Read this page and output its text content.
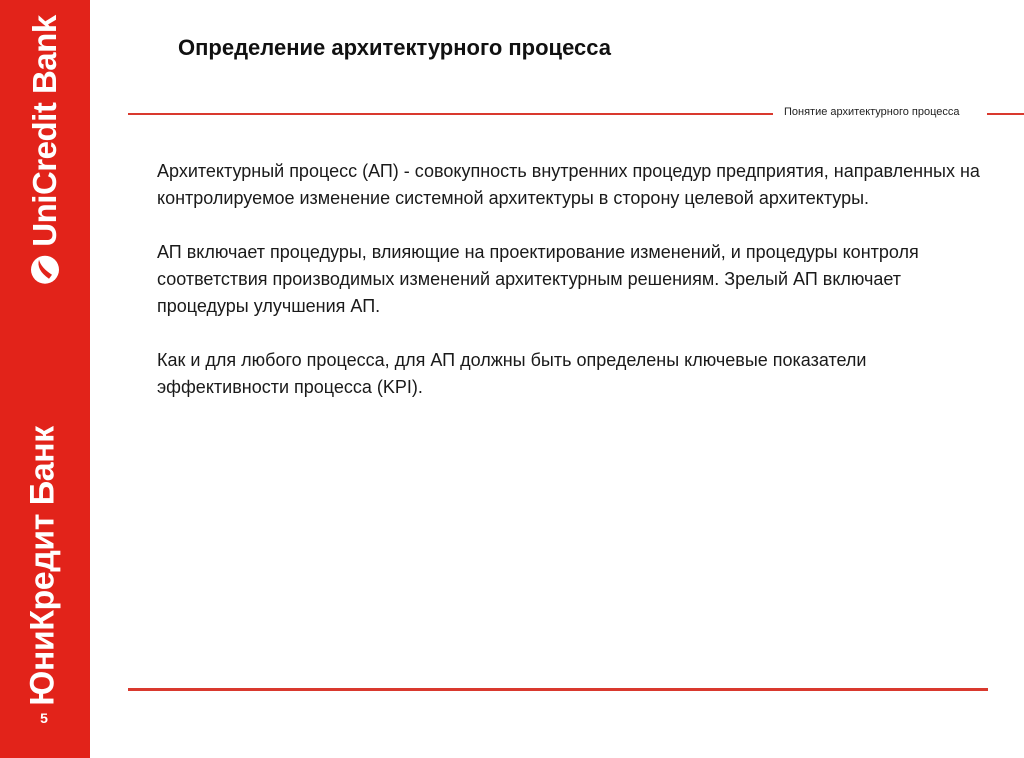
UniCredit Bank
ЮниКредит Банк
5
Определение архитектурного процесса
Понятие архитектурного процесса

Архитектурный процесс (АП) - совокупность внутренних процедур предприятия, направленных на контролируемое изменение системной архитектуры в сторону целевой архитектуры.

АП включает процедуры, влияющие на проектирование изменений, и процедуры контроля соответствия производимых изменений архитектурным решениям. Зрелый АП включает процедуры улучшения АП.

Как и для любого процесса, для АП должны быть определены ключевые показатели эффективности процесса (KPI).
